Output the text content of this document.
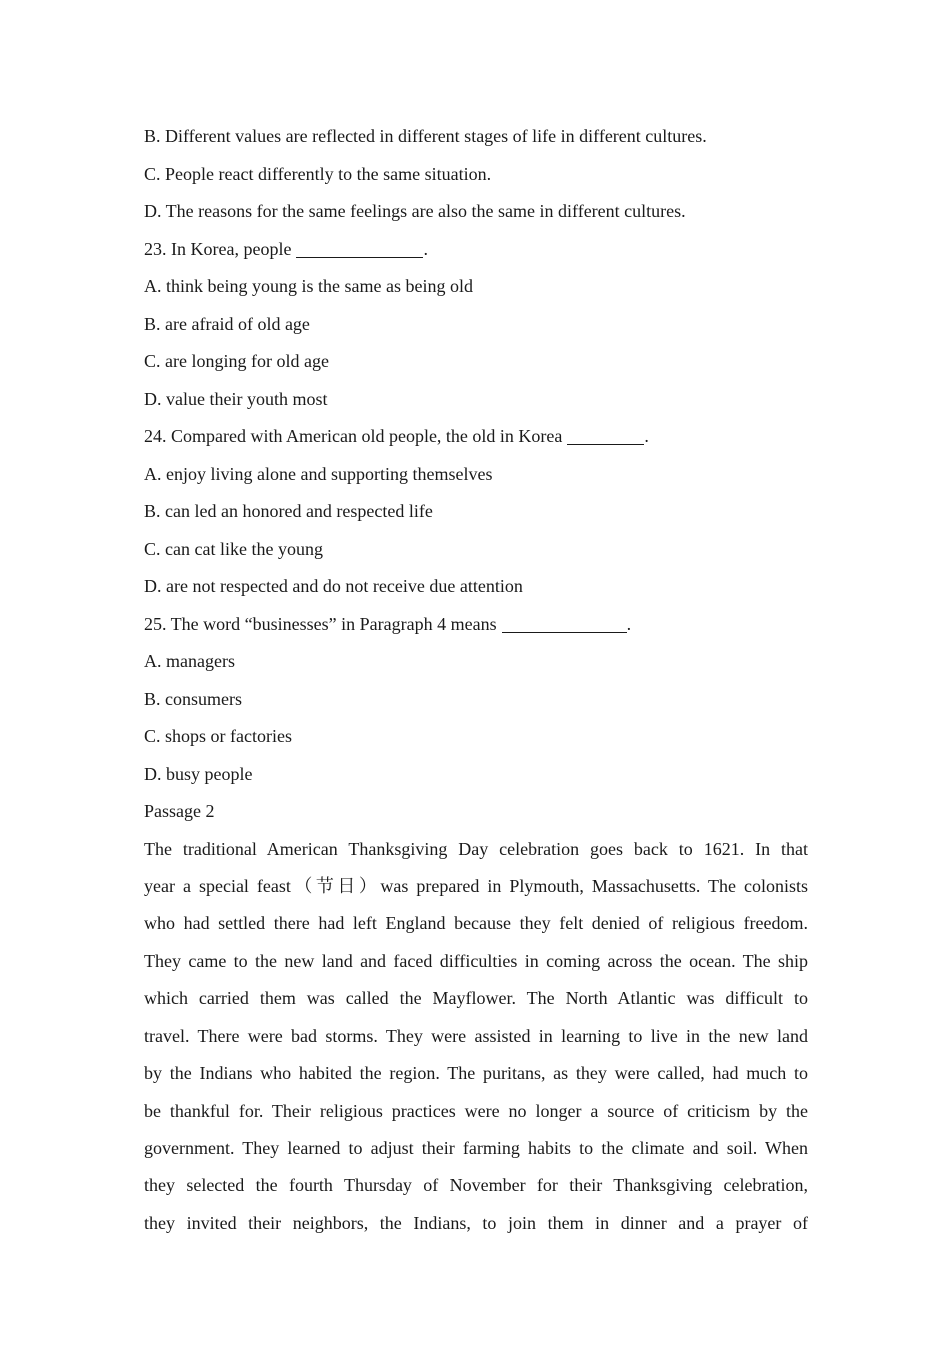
B. Different values are reflected in different stages of life in different cultures.

C. People react differently to the same situation.

D. The reasons for the same feelings are also the same in different cultures.

23. In Korea, people	.

A. think being young is the same as being old

B. are afraid of old age

C. are longing for old age

D. value their youth most

24. Compared with American old people, the old in Korea	.

A. enjoy living alone and supporting themselves

B. can led an honored and respected life

C. can cat like the young

D. are not respected and do not receive due attention

25. The word “businesses” in Paragraph 4 means	.

A. managers

B. consumers

C. shops or factories

D. busy people

Passage 2

The traditional American Thanksgiving Day celebration goes back to 1621. In that
year a special feast（节日）was prepared in Plymouth, Massachusetts. The colonists
who had settled there had left England because they felt denied of religious freedom.
They came to the new land and faced difficulties in coming across the ocean. The ship
which carried them was called the Mayflower. The North Atlantic was difficult to
travel. There were bad storms. They were assisted in learning to live in the new land
by the Indians who habited the region. The puritans, as they were called, had much to
be thankful for. Their religious practices were no longer a source of criticism by the
government. They learned to adjust their farming habits to the climate and soil. When
they selected the fourth Thursday of November for their Thanksgiving celebration,
they invited their neighbors, the Indians, to join them in dinner and a prayer of
